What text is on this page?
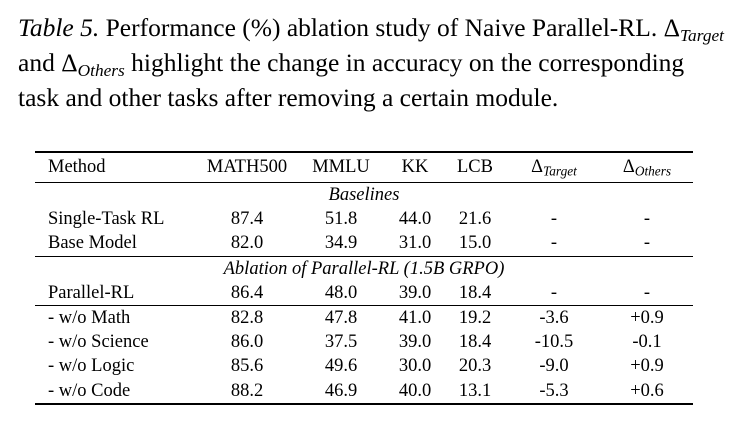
Table 5. Performance (%) ablation study of Naive Parallel-RL. $\Delta_{Target}$ and $\Delta_{Others}$ highlight the change in accuracy on the corresponding task and other tasks after removing a certain module.
Method	MATH500	MMLU	KK	LCB	ΔTarget	ΔOthers
Baselines
Single-Task RL	87.4	51.8	44.0	21.6	-	-
Base Model	82.0	34.9	31.0	15.0	-	-
Ablation of Parallel-RL (1.5B GRPO)
Parallel-RL	86.4	48.0	39.0	18.4	-	-
- w/o Math	82.8	47.8	41.0	19.2	-3.6	+0.9
- w/o Science	86.0	37.5	39.0	18.4	-10.5	-0.1
- w/o Logic	85.6	49.6	30.0	20.3	-9.0	+0.9
- w/o Code	88.2	46.9	40.0	13.1	-5.3	+0.6
